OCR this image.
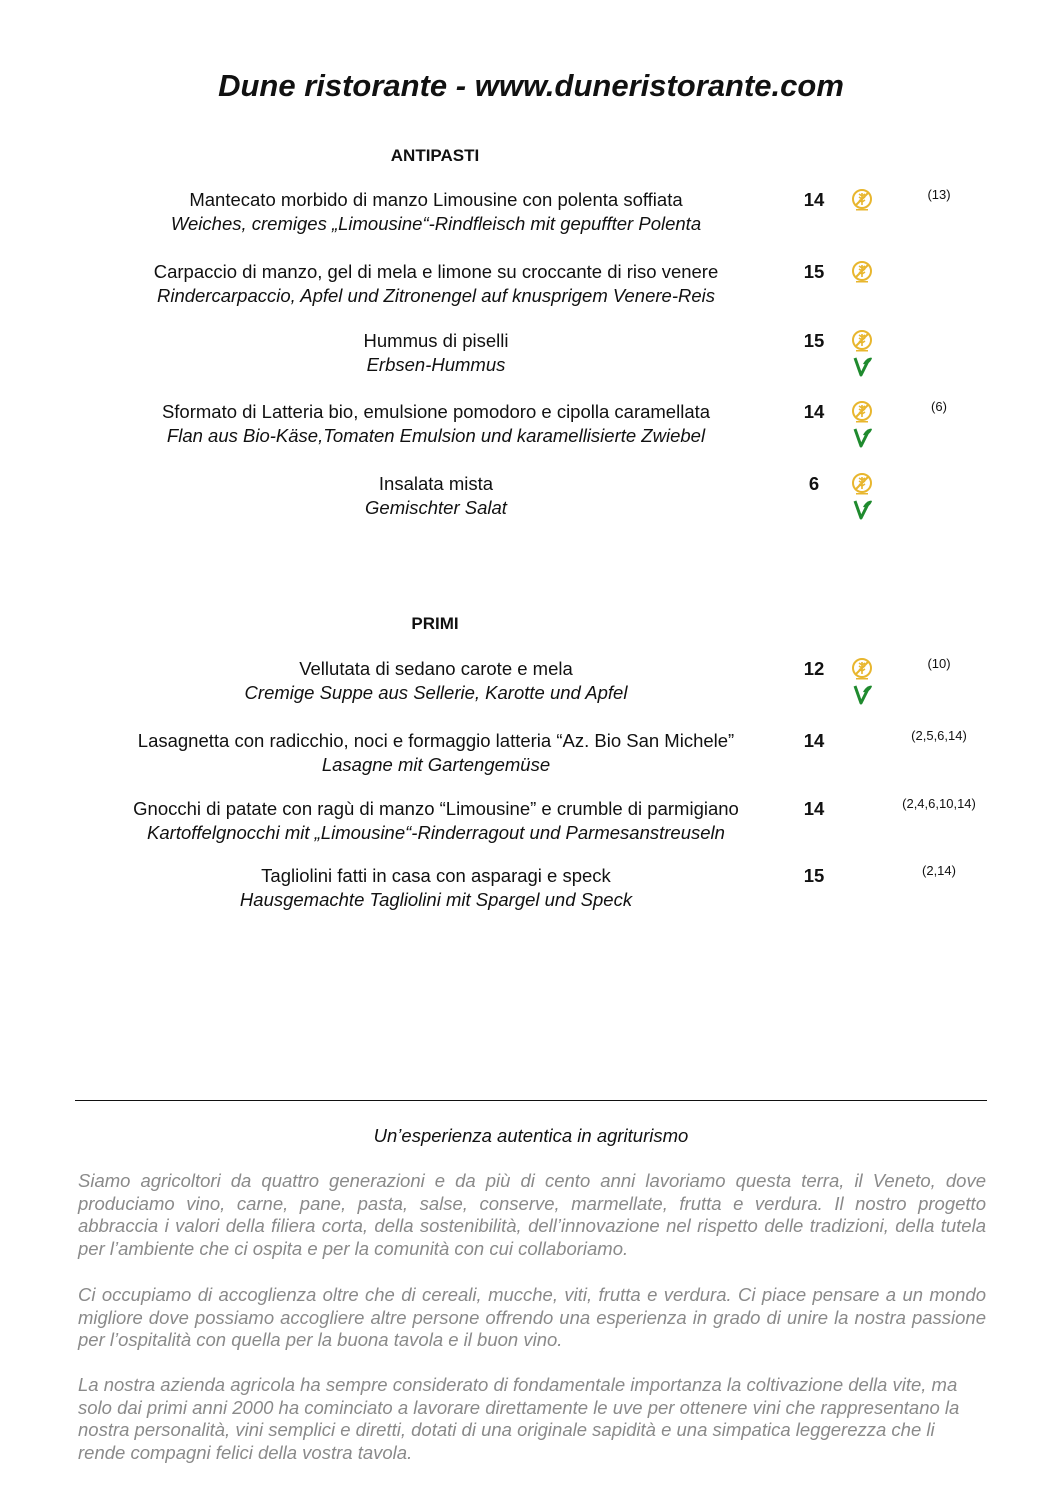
Dune ristorante - www.duneristorante.com
ANTIPASTI
Mantecato morbido di manzo Limousine con polenta soffiata
Weiches, cremiges „Limousine“-Rindfleisch mit gepuffter Polenta
14	(13)
Carpaccio di manzo, gel di mela e limone su croccante di riso venere
Rindercarpaccio, Apfel und Zitronengel auf knusprigem Venere-Reis
15
Hummus di piselli
Erbsen-Hummus
15
Sformato di Latteria bio, emulsione pomodoro e cipolla caramellata
Flan aus Bio-Käse,Tomaten Emulsion und karamellisierte Zwiebel
14	(6)
Insalata mista
Gemischter Salat
6
PRIMI
Vellutata di sedano carote e mela
Cremige Suppe aus Sellerie, Karotte und Apfel
12	(10)
Lasagnetta con radicchio, noci e formaggio latteria “Az. Bio San Michele”
Lasagne mit Gartengemüse
14	(2,5,6,14)
Gnocchi di patate con ragù di manzo “Limousine” e crumble di parmigiano
Kartoffelgnocchi mit „Limousine“-Rinderragout und Parmesanstreuseln
14	(2,4,6,10,14)
Tagliolini fatti in casa con asparagi e speck
Hausgemachte Tagliolini mit Spargel und Speck
15	(2,14)
Un’esperienza autentica in agriturismo

Siamo agricoltori da quattro generazioni e da più di cento anni lavoriamo questa terra, il Veneto, dove produciamo vino, carne, pane, pasta, salse, conserve, marmellate, frutta e verdura. Il nostro progetto abbraccia i valori della filiera corta, della sostenibilità, dell’innovazione nel rispetto delle tradizioni, della tutela per l’ambiente che ci ospita e per la comunità con cui collaboriamo.

Ci occupiamo di accoglienza oltre che di cereali, mucche, viti, frutta e verdura. Ci piace pensare a un mondo migliore dove possiamo accogliere altre persone offrendo una esperienza in grado di unire la nostra passione per l’ospitalità con quella per la buona tavola e il buon vino.

La nostra azienda agricola ha sempre considerato di fondamentale importanza la coltivazione della vite, ma solo dai primi anni 2000 ha cominciato a lavorare direttamente le uve per ottenere vini che rappresentano la nostra personalità, vini semplici e diretti, dotati di una originale sapidità e una simpatica leggerezza che li rende compagni felici della vostra tavola.
